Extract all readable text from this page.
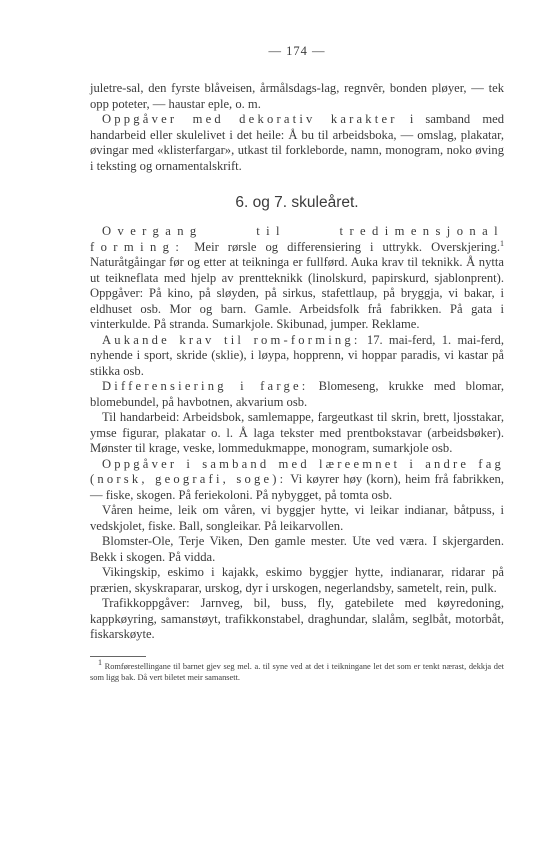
— 174 —

juletre-sal, den fyrste blåveisen, årmålsdags-lag, regnvêr, bonden pløyer, — tek opp poteter, — haustar eple, o. m.

Oppgåver med dekorativ karakter i samband med handarbeid eller skulelivet i det heile: Å bu til arbeidsboka, — omslag, plakatar, øvingar med «klisterfargar», utkast til forkleborde, namn, monogram, noko øving i teksting og ornamentalskrift.

6. og 7. skuleåret.

Overgang til tredimensjonal forming: Meir rørsle og differensiering i uttrykk. Overskjering.$^1$ Naturåtgåingar før og etter at teikninga er fullførd. Auka krav til teknikk. Å nytta ut teikneflata med hjelp av prentteknikk (linolskurd, papirskurd, sjablonprent). Oppgåver: På kino, på sløyden, på sirkus, stafettlaup, på bryggja, vi bakar, i eldhuset osb. Mor og barn. Gamle. Arbeidsfolk frå fabrikken. På gata i vinterkulde. På stranda. Sumarkjole. Skibunad, jumper. Reklame.

Aukande krav til rom-forming: 17. mai-ferd, 1. mai-ferd, nyhende i sport, skride (sklie), i løypa, hopprenn, vi hoppar paradis, vi kastar på stikka osb.

Differensiering i farge: Blomeseng, krukke med blomar, blomebundel, på havbotnen, akvarium osb.

Til handarbeid: Arbeidsbok, samlemappe, fargeutkast til skrin, brett, ljosstakar, ymse figurar, plakatar o. l. Å laga tekster med prentbokstavar (arbeidsbøker). Mønster til krage, veske, lommedukmappe, monogram, sumarkjole osb.

Oppgåver i samband med læreemnet i andre fag (norsk, geografi, soge): Vi køyrer høy (korn), heim frå fabrikken, — fiske, skogen. På feriekoloni. På nybygget, på tomta osb.

Våren heime, leik om våren, vi byggjer hytte, vi leikar indianar, båtpuss, i vedskjolet, fiske. Ball, songleikar. På leikarvollen.

Blomster-Ole, Terje Viken, Den gamle mester. Ute ved væra. I skjergarden. Bekk i skogen. På vidda.

Vikingskip, eskimo i kajakk, eskimo byggjer hytte, indianarar, ridarar på prærien, skyskraparar, urskog, dyr i urskogen, negerlandsby, sametelt, rein, pulk.

Trafikkoppgåver: Jarnveg, bil, buss, fly, gatebilete med køyredoning, kappkøyring, samanstøyt, trafikkonstabel, draghundar, slalåm, seglbåt, motorbåt, fiskarskøyte.

$^1$ Romførestellingane til barnet gjev seg mel. a. til syne ved at det i teikningane let det som er tenkt nærast, dekkja det som ligg bak. Då vert biletet meir samansett.
